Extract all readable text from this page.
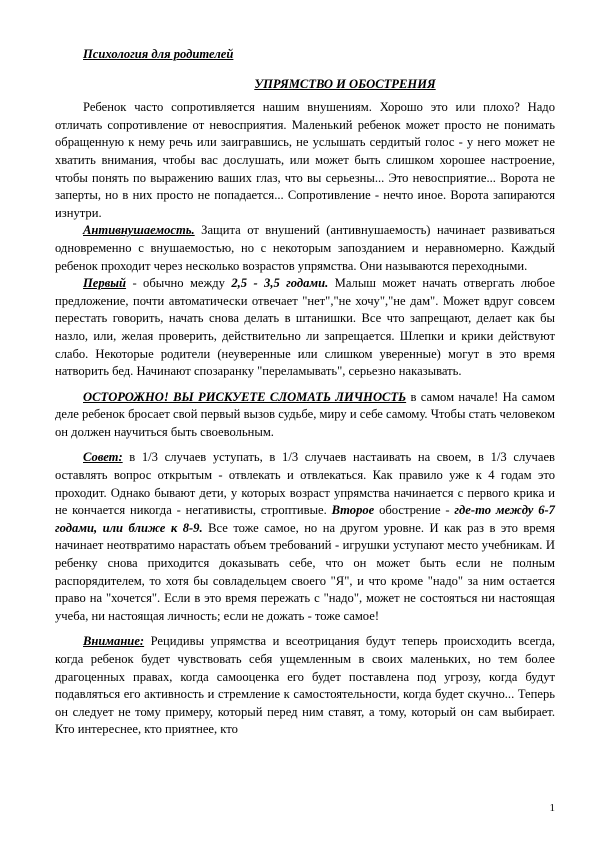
Психология для родителей
УПРЯМСТВО И ОБОСТРЕНИЯ

Ребенок часто сопротивляется нашим внушениям. Хорошо это или плохо? Надо отличать сопротивление от невосприятия. Маленький ребенок может просто не понимать обращенную к нему речь или заигравшись, не услышать сердитый голос - у него может не хватить внимания, чтобы вас дослушать, или может быть слишком хорошее настроение, чтобы понять по выражению ваших глаз, что вы серьезны... Это невосприятие... Ворота не заперты, но в них просто не попадается... Сопротивление - нечто иное. Ворота запираются изнутри.

Антивнушаемость. Защита от внушений (антивнушаемость) начинает развиваться одновременно с внушаемостью, но с некоторым запозданием и неравномерно. Каждый ребенок проходит через несколько возрастов упрямства. Они называются переходными.

Первый - обычно между 2,5 - 3,5 годами. Малыш может начать отвергать любое предложение, почти автоматически отвечает "нет","не хочу","не дам". Может вдруг совсем перестать говорить, начать снова делать в штанишки. Все что запрещают, делает как бы назло, или, желая проверить, действительно ли запрещается. Шлепки и крики действуют слабо. Некоторые родители (неуверенные или слишком уверенные) могут в это время натворить бед. Начинают спозаранку "переламывать", серьезно наказывать.

ОСТОРОЖНО! ВЫ РИСКУЕТЕ СЛОМАТЬ ЛИЧНОСТЬ в самом начале! На самом деле ребенок бросает свой первый вызов судьбе, миру и себе самому. Чтобы стать человеком он должен научиться быть своевольным.

Совет: в 1/3 случаев уступать, в 1/3 случаев настаивать на своем, в 1/3 случаев оставлять вопрос открытым - отвлекать и отвлекаться. Как правило уже к 4 годам это проходит. Однако бывают дети, у которых возраст упрямства начинается с первого крика и не кончается никогда - негативисты, строптивые. Второе обострение - где-то между 6-7 годами, или ближе к 8-9. Все тоже самое, но на другом уровне. И как раз в это время начинает неотвратимо нарастать объем требований - игрушки уступают место учебникам. И ребенку снова приходится доказывать себе, что он может быть если не полным распорядителем, то хотя бы совладельцем своего "Я", и что кроме "надо" за ним остается право на "хочется". Если в это время пережать с "надо", может не состояться ни настоящая учеба, ни настоящая личность; если не дожать - тоже самое!

Внимание: Рецидивы упрямства и всеотрицания будут теперь происходить всегда, когда ребенок будет чувствовать себя ущемленным в своих маленьких, но тем более драгоценных правах, когда самооценка его будет поставлена под угрозу, когда будут подавляться его активность и стремление к самостоятельности, когда будет скучно... Теперь он следует не тому примеру, который перед ним ставят, а тому, который он сам выбирает. Кто интереснее, кто приятнее, кто

1
